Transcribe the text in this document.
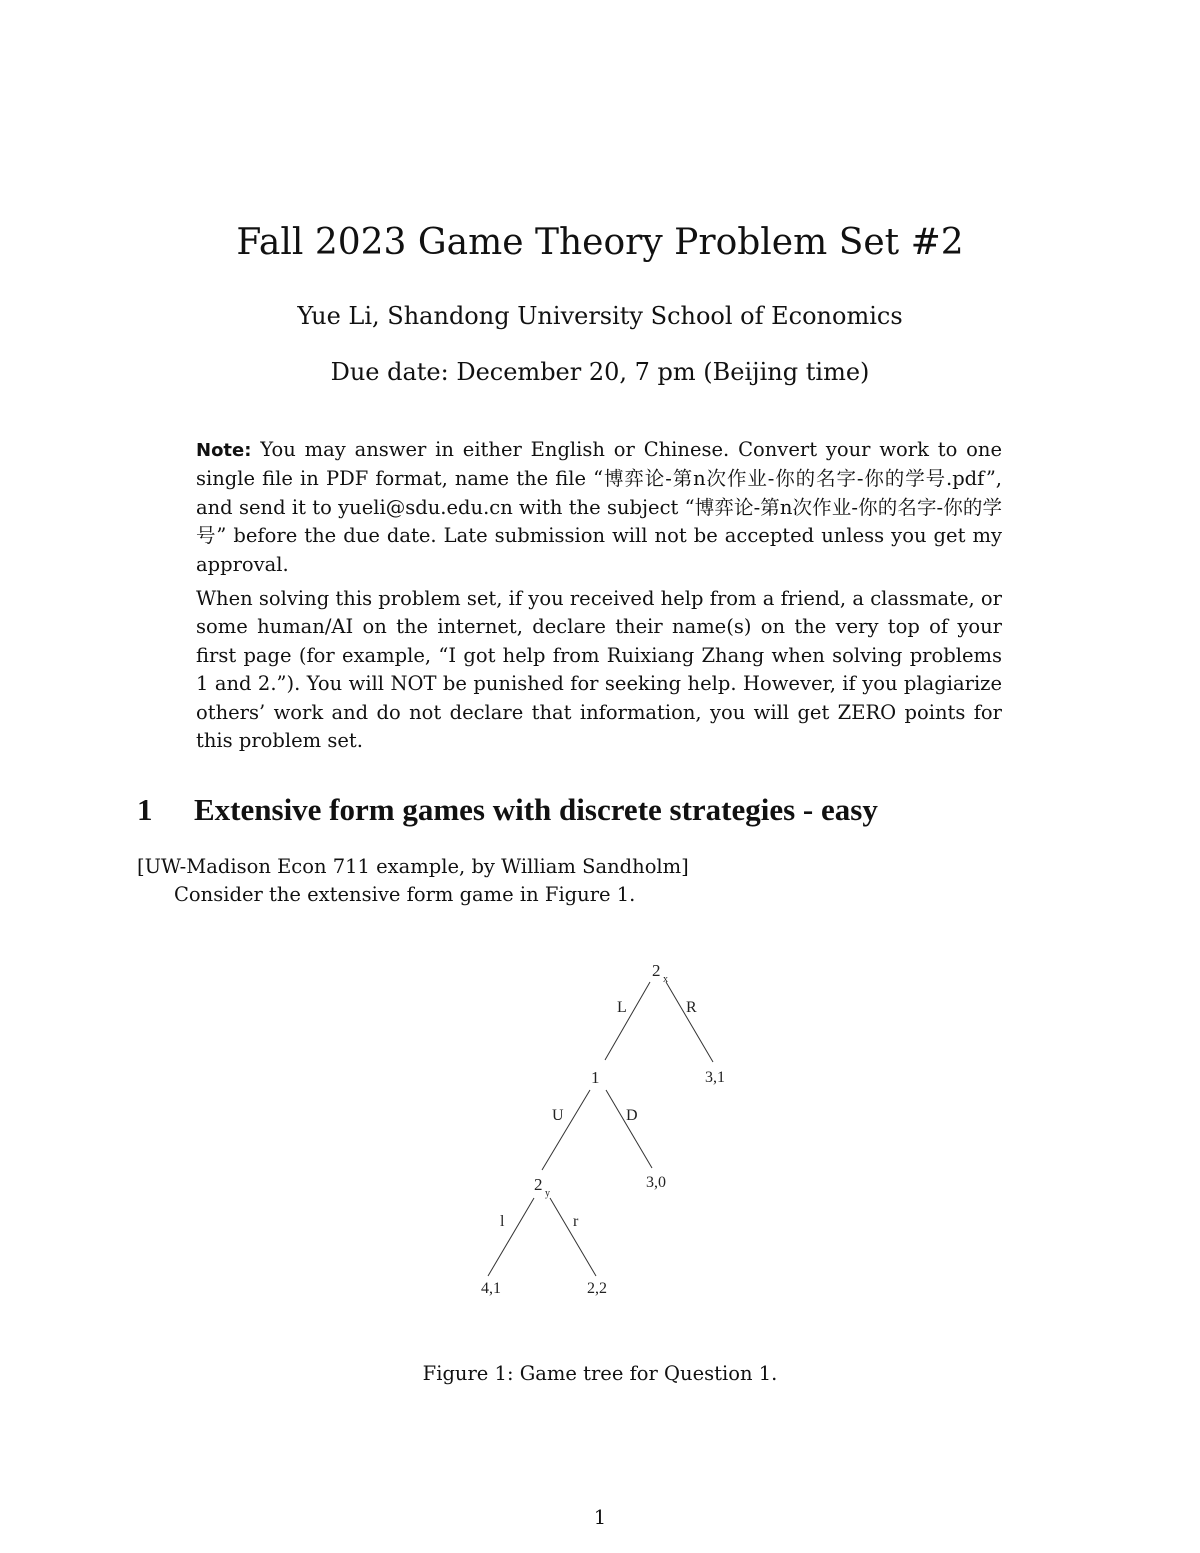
Fall 2023 Game Theory Problem Set #2

Yue Li, Shandong University School of Economics

Due date: December 20, 7 pm (Beijing time)

Note: You may answer in either English or Chinese. Convert your work to one single file in PDF format, name the file “博弈论-第n次作业-你的名字-你的学号.pdf”, and send it to yueli@sdu.edu.cn with the subject “博弈论-第n次作业-你的名字-你的学号” before the due date. Late submission will not be accepted unless you get my approval.

When solving this problem set, if you received help from a friend, a classmate, or some human/AI on the internet, declare their name(s) on the very top of your first page (for example, “I got help from Ruixiang Zhang when solving problems 1 and 2.”). You will NOT be punished for seeking help. However, if you plagiarize others’ work and do not declare that information, you will get ZERO points for this problem set.

1 Extensive form games with discrete strategies - easy

[UW-Madison Econ 711 example, by William Sandholm]

Consider the extensive form game in Figure 1.

2 x
1
2 y
L	R
U	D
l	r
3,1
3,0
4,1	2,2

Figure 1: Game tree for Question 1.

1
